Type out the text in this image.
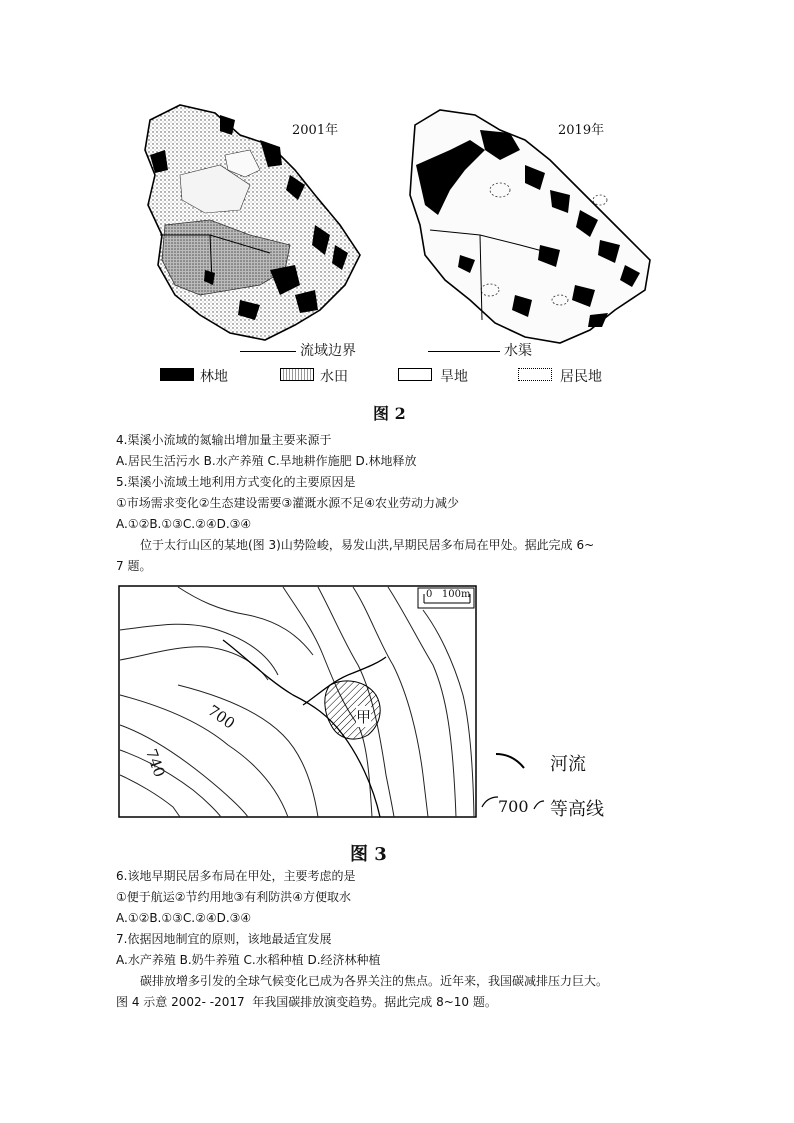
2001年	2019年
流域边界	水渠
林地	水田	旱地	居民地
图 2
4.渠溪小流域的氮输出增加量主要来源于
A.居民生活污水 B.水产养殖 C.旱地耕作施肥 D.林地释放
5.渠溪小流域土地利用方式变化的主要原因是
①市场需求变化②生态建设需要③灌溉水源不足④农业劳动力减少
A.①②B.①③C.②④D.③④
位于太行山区的某地(图 3)山势险峻，易发山洪,早期民居多布局在甲处。据此完成 6~
7 题。
0   100m
700
740
甲
河流
700 等高线
图 3
6.该地早期民居多布局在甲处，主要考虑的是
①便于航运②节约用地③有利防洪④方便取水
A.①②B.①③C.②④D.③④
7.依据因地制宜的原则，该地最适宜发展
A.水产养殖 B.奶牛养殖 C.水稻种植 D.经济林种植
碳排放增多引发的全球气候变化已成为各界关注的焦点。近年来，我国碳减排压力巨大。
图 4 示意 2002- -2017  年我国碳排放演变趋势。据此完成 8~10 题。
